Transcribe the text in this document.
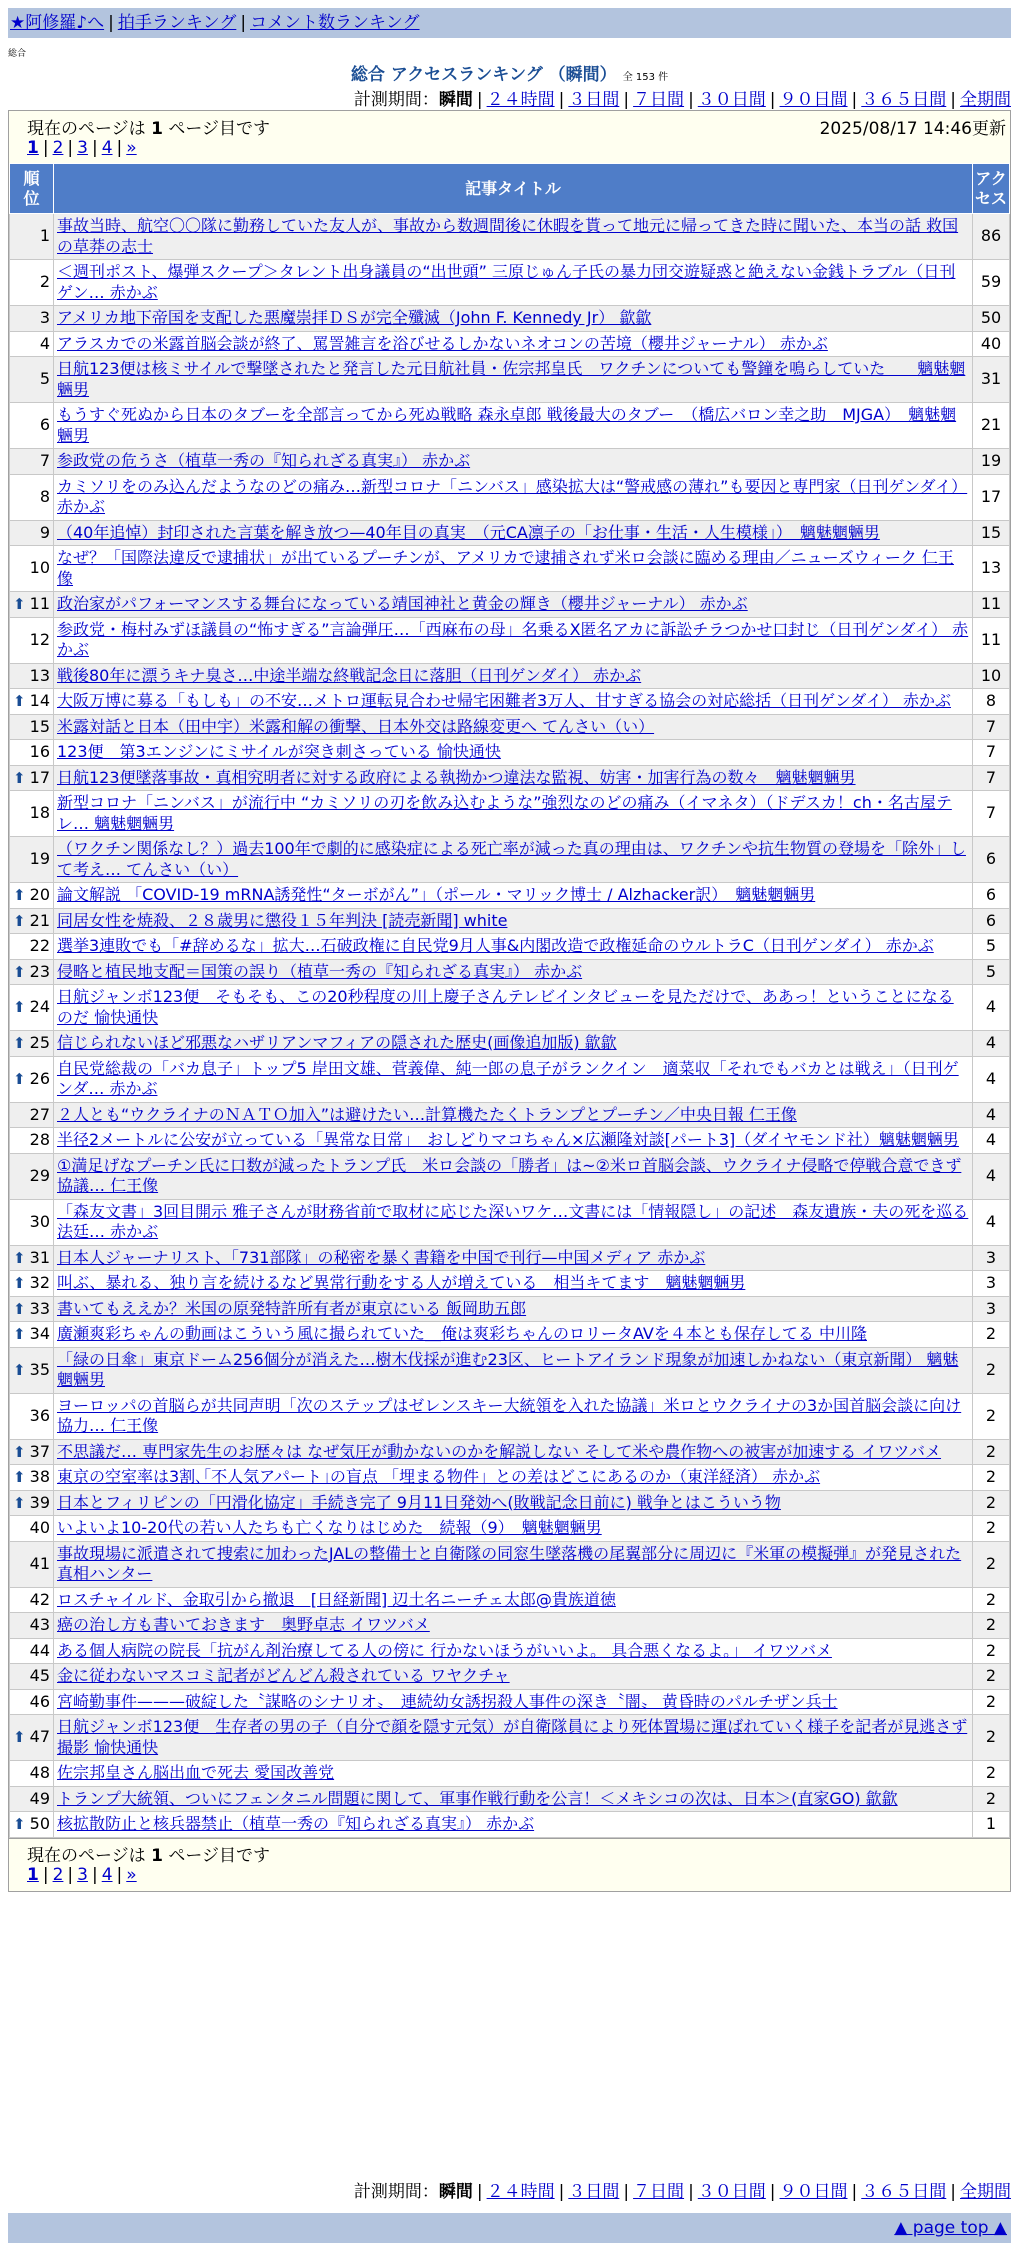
★阿修羅♪へ | 拍手ランキング | コメント数ランキング
総合
総合 アクセスランキング （瞬間） 全 153 件
計測期間：瞬間 | ２４時間 | ３日間 | ７日間 | ３０日間 | ９０日間 | ３６５日間 | 全期間
現在のページは 1 ページ目です	2025/08/17 14:46更新
1 | 2 | 3 | 4 | »
順
位	記事タイトル	アク
セス
1	事故当時、航空〇〇隊に勤務していた友人が、事故から数週間後に休暇を貰って地元に帰ってきた時に聞いた、本当の話 救国の草莽の志士	86
2	＜週刊ポスト、爆弾スクープ＞タレント出身議員の“出世頭” 三原じゅん子氏の暴力団交遊疑惑と絶えない金銭トラブル（日刊ゲン… 赤かぶ	59
3	アメリカ地下帝国を支配した悪魔崇拝ＤＳが完全殲滅（John F. Kennedy Jr） 歙歙	50
4	アラスカでの米露首脳会談が終了、罵詈雑言を浴びせるしかないネオコンの苦境（櫻井ジャーナル） 赤かぶ	40
5	日航123便は核ミサイルで撃墜されたと発言した元日航社員・佐宗邦皇氏　ワクチンについても警鐘を鳴らしていた　　魑魅魍魎男	31
6	もうすぐ死ぬから日本のタブーを全部言ってから死ぬ戦略 森永卓郎 戦後最大のタブー　（橋広バロン幸之助　MJGA）　魑魅魍魎男	21
7	参政党の危うさ（植草一秀の『知られざる真実』） 赤かぶ	19
8	カミソリをのみ込んだようなのどの痛み…新型コロナ「ニンバス」感染拡大は“警戒感の薄れ”も要因と専門家（日刊ゲンダイ） 赤かぶ	17
9	（40年追悼）封印された言葉を解き放つ—40年目の真実　（元CA凛子の「お仕事・生活・人生模様」）　魑魅魍魎男	15
10	なぜ？「国際法違反で逮捕状」が出ているプーチンが、アメリカで逮捕されず米ロ会談に臨める理由／ニューズウィーク 仁王像	13

⬆ 11	政治家がパフォーマンスする舞台になっている靖国神社と黄金の輝き（櫻井ジャーナル） 赤かぶ	11
12	参政党・梅村みずほ議員の“怖すぎる”言論弾圧…「西麻布の母」名乗るX匿名アカに訴訟チラつかせ口封じ（日刊ゲンダイ） 赤かぶ	11
13	戦後80年に漂うキナ臭さ…中途半端な終戦記念日に落胆（日刊ゲンダイ） 赤かぶ	10

⬆ 14	大阪万博に募る「もしも」の不安…メトロ運転見合わせ帰宅困難者3万人、甘すぎる協会の対応総括（日刊ゲンダイ） 赤かぶ	8
15	米露対話と日本（田中宇）米露和解の衝撃、日本外交は路線変更へ てんさい（い）	7
16	123便　第3エンジンにミサイルが突き刺さっている 愉快通快	7

⬆ 17	日航123便墜落事故・真相究明者に対する政府による執拗かつ違法な監視、妨害・加害行為の数々　魑魅魍魎男	7
18	新型コロナ「ニンバス」が流行中 “カミソリの刃を飲み込むような”強烈なのどの痛み（イマネタ）（ドデスカ！ch・名古屋テレ… 魑魅魍魎男	7
19	（ワクチン関係なし？）過去100年で劇的に感染症による死亡率が減った真の理由は、ワクチンや抗生物質の登場を「除外」して考え… てんさい（い）	6

⬆ 20	論文解説 「COVID-19 mRNA誘発性“ターボがん”」（ポール・マリック博士 / Alzhacker訳）　魑魅魍魎男	6

⬆ 21	同居女性を焼殺、２８歳男に懲役１５年判決 [読売新聞] white	6
22	選挙3連敗でも「#辞めるな」拡大…石破政権に自民党9月人事&内閣改造で政権延命のウルトラC（日刊ゲンダイ） 赤かぶ	5

⬆ 23	侵略と植民地支配＝国策の誤り（植草一秀の『知られざる真実』） 赤かぶ	5

⬆ 24	日航ジャンボ123便　そもそも、この20秒程度の川上慶子さんテレビインタビューを見ただけで、ああっ！ということになるのだ 愉快通快	4

⬆ 25	信じられないほど邪悪なハザリアンマフィアの隠された歴史(画像追加版) 歙歙	4

⬆ 26	自民党総裁の「バカ息子」トップ5 岸田文雄、菅義偉、純一郎の息子がランクイン　適菜収「それでもバカとは戦え」（日刊ゲンダ… 赤かぶ	4
27	２人とも“ウクライナのＮＡＴＯ加入”は避けたい…計算機たたくトランプとプーチン／中央日報 仁王像	4
28	半径2メートルに公安が立っている「異常な日常」　おしどりマコちゃん×広瀬隆対談[パート3]（ダイヤモンド社）魑魅魍魎男	4
29	①満足げなプーチン氏に口数が減ったトランプ氏　米ロ会談の「勝者」は~②米ロ首脳会談、ウクライナ侵略で停戦合意できず協議… 仁王像	4
30	「森友文書」3回目開示 雅子さんが財務省前で取材に応じた深いワケ…文書には「情報隠し」の記述　森友遺族・夫の死を巡る法廷… 赤かぶ	4

⬆ 31	日本人ジャーナリスト、「731部隊」の秘密を暴く書籍を中国で刊行—中国メディア 赤かぶ	3

⬆ 32	叫ぶ、暴れる、独り言を続けるなど異常行動をする人が増えている　相当キてます　魑魅魍魎男	3

⬆ 33	書いてもええか？米国の原発特許所有者が東京にいる 飯岡助五郎	3

⬆ 34	廣瀬爽彩ちゃんの動画はこういう風に撮られていた＿俺は爽彩ちゃんのロリータAVを４本とも保存してる 中川隆	2

⬆ 35	「緑の日傘」東京ドーム256個分が消えた…樹木伐採が進む23区、ヒートアイランド現象が加速しかねない（東京新聞） 魑魅魍魎男	2
36	ヨーロッパの首脳らが共同声明「次のステップはゼレンスキー大統領を入れた協議」米ロとウクライナの3か国首脳会談に向け協力… 仁王像	2

⬆ 37	不思議だ… 専門家先生のお歴々は なぜ気圧が動かないのかを解説しない そして米や農作物への被害が加速する イワツバメ	2

⬆ 38	東京の空室率は3割､｢不人気アパート｣の盲点 「埋まる物件」との差はどこにあるのか（東洋経済） 赤かぶ	2

⬆ 39	日本とフィリピンの「円滑化協定」手続き完了 9月11日発効へ(敗戦記念日前に) 戦争とはこういう物	2
40	いよいよ10-20代の若い人たちも亡くなりはじめた　続報（9）　魑魅魍魎男	2
41	事故現場に派遣されて捜索に加わったJALの整備士と自衛隊の同窓生墜落機の尾翼部分に周辺に『米軍の模擬弾』が発見された 真相ハンター	2
42	ロスチャイルド、金取引から撤退　[日経新聞] 辺土名ニーチェ太郎@貴族道徳	2
43	癌の治し方も書いておきます　奥野卓志 イワツバメ	2
44	ある個人病院の院長「抗がん剤治療してる人の傍に 行かないほうがいいよ。 具合悪くなるよ。」 イワツバメ	2
45	金に従わないマスコミ記者がどんどん殺されている ワヤクチャ	2
46	宮崎勤事件———破綻した〝謀略のシナリオ〟　連続幼女誘拐殺人事件の深き〝闇〟 黄昏時のパルチザン兵士	2

⬆ 47	日航ジャンボ123便　生存者の男の子（自分で顔を隠す元気）が自衛隊員により死体置場に運ばれていく様子を記者が見逃さず撮影 愉快通快	2
48	佐宗邦皇さん脳出血で死去 愛国改善党	2
49	トランプ大統領、ついにフェンタニル問題に関して、軍事作戦行動を公言！＜メキシコの次は、日本＞(直家GO) 歙歙	2

⬆ 50	核拡散防止と核兵器禁止（植草一秀の『知られざる真実』） 赤かぶ	1
現在のページは 1 ページ目です
1 | 2 | 3 | 4 | »
計測期間：瞬間 | ２４時間 | ３日間 | ７日間 | ３０日間 | ９０日間 | ３６５日間 | 全期間
▲ page top ▲
